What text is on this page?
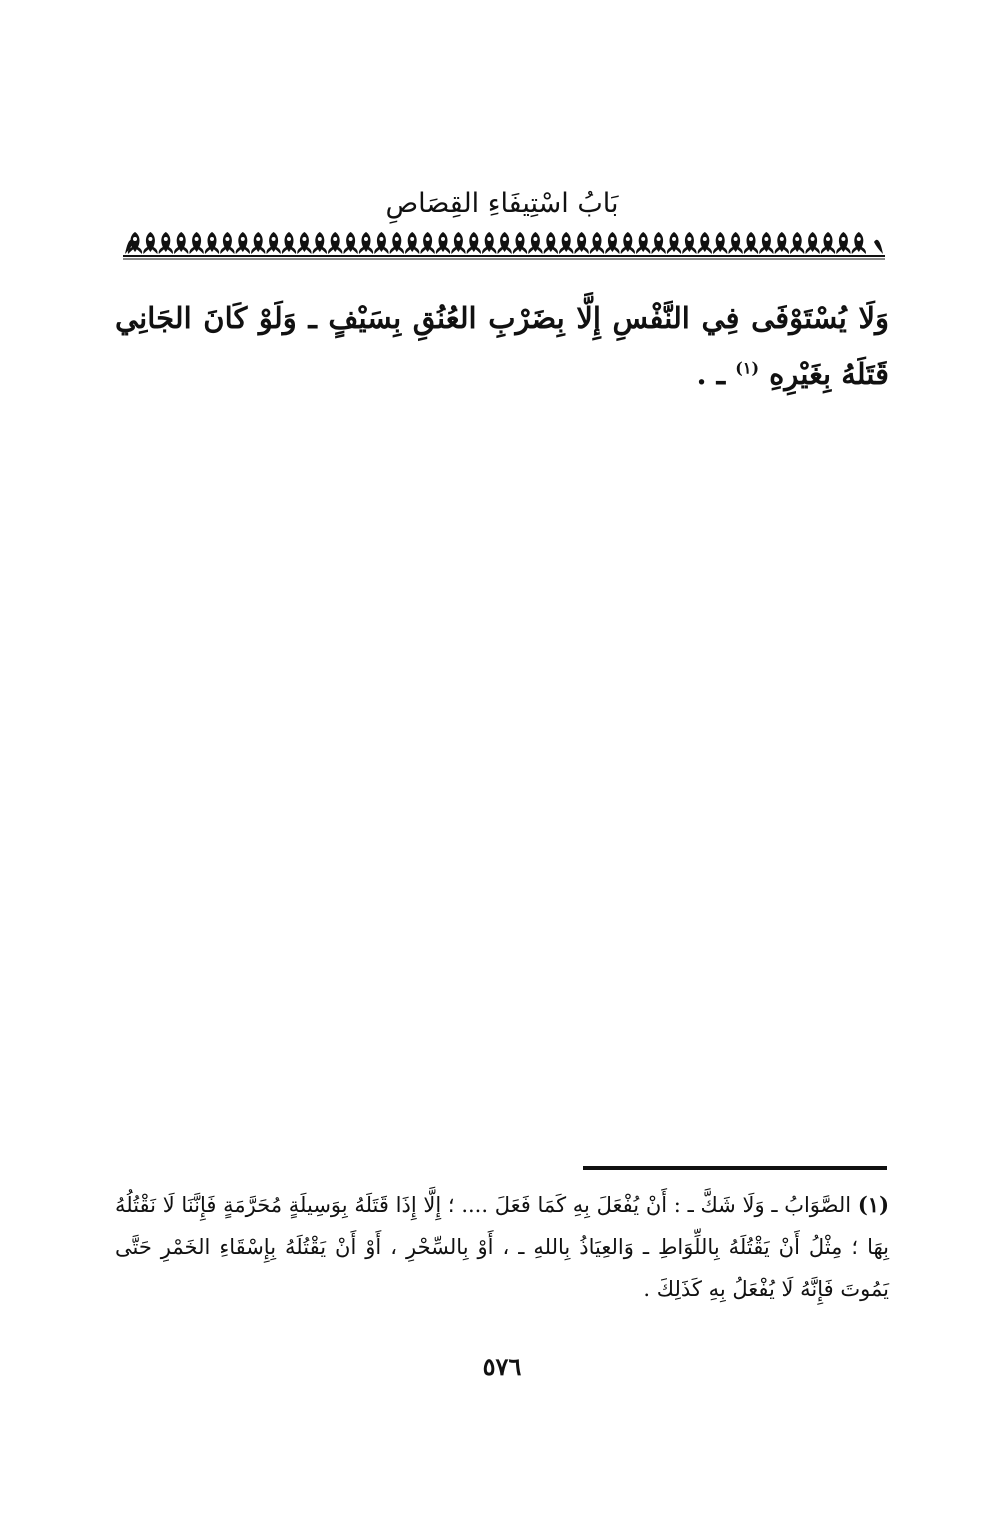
بَابُ اسْتِيفَاءِ القِصَاصِ
وَلَا يُسْتَوْفَى فِي النَّفْسِ إِلَّا بِضَرْبِ العُنُقِ بِسَيْفٍ ـ وَلَوْ كَانَ الجَانِي قَتَلَهُ بِغَيْرِهِ $^{(١)}$ ـ .
(١) الصَّوَابُ ـ وَلَا شَكَّ ـ : أَنْ يُفْعَلَ بِهِ كَمَا فَعَلَ .... ؛ إِلَّا إِذَا قَتَلَهُ بِوَسِيلَةٍ مُحَرَّمَةٍ فَإِنَّنَا لَا نَقْتُلُهُ بِهَا ؛ مِثْلُ أَنْ يَقْتُلَهُ بِاللِّوَاطِ ـ وَالعِيَاذُ بِاللهِ ـ ، أَوْ بِالسِّحْرِ ، أَوْ أَنْ يَقْتُلَهُ بِإِسْقَاءِ الخَمْرِ حَتَّى يَمُوتَ فَإِنَّهُ لَا يُفْعَلُ بِهِ كَذَلِكَ .
٥٧٦
